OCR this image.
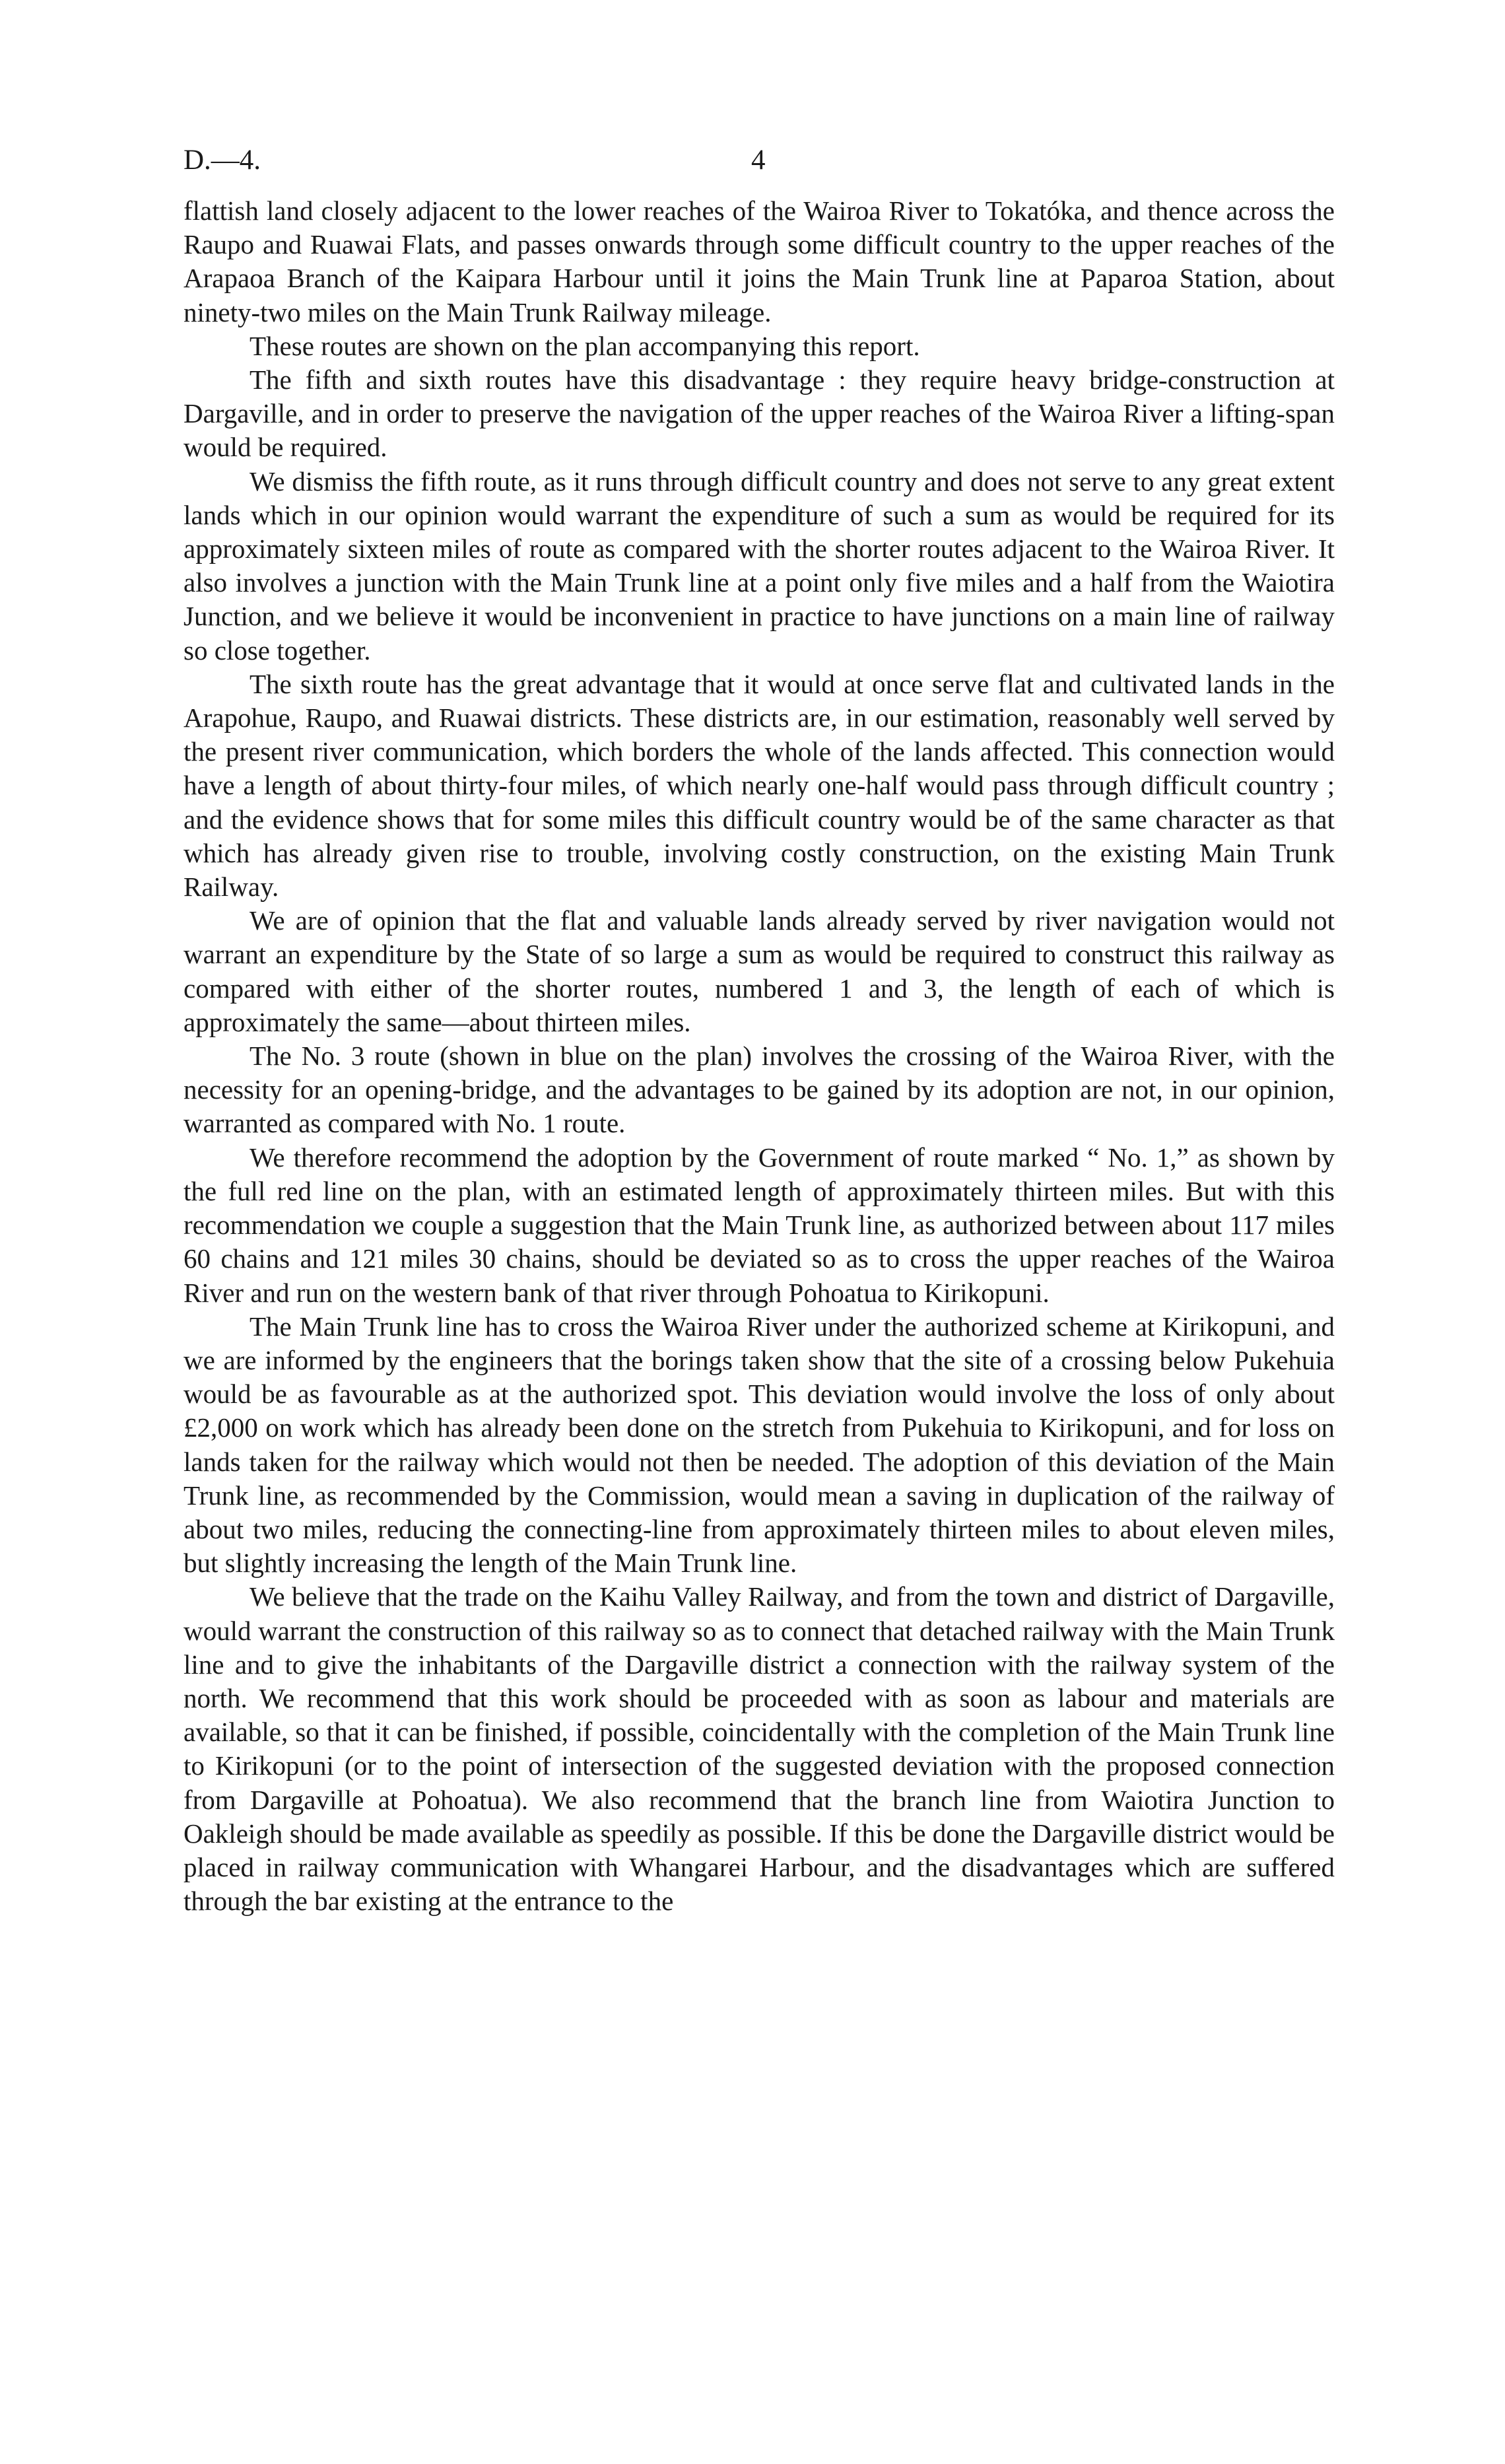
D.—4.	4

flattish land closely adjacent to the lower reaches of the Wairoa River to Tokatóka, and thence across the Raupo and Ruawai Flats, and passes onwards through some difficult country to the upper reaches of the Arapaoa Branch of the Kaipara Harbour until it joins the Main Trunk line at Paparoa Station, about ninety-two miles on the Main Trunk Railway mileage.

These routes are shown on the plan accompanying this report.

The fifth and sixth routes have this disadvantage : they require heavy bridge-construction at Dargaville, and in order to preserve the navigation of the upper reaches of the Wairoa River a lifting-span would be required.

We dismiss the fifth route, as it runs through difficult country and does not serve to any great extent lands which in our opinion would warrant the expenditure of such a sum as would be required for its approximately sixteen miles of route as compared with the shorter routes adjacent to the Wairoa River. It also involves a junction with the Main Trunk line at a point only five miles and a half from the Waiotira Junction, and we believe it would be inconvenient in practice to have junctions on a main line of railway so close together.

The sixth route has the great advantage that it would at once serve flat and cultivated lands in the Arapohue, Raupo, and Ruawai districts. These districts are, in our estimation, reasonably well served by the present river communication, which borders the whole of the lands affected. This connection would have a length of about thirty-four miles, of which nearly one-half would pass through difficult country ; and the evidence shows that for some miles this difficult country would be of the same character as that which has already given rise to trouble, involving costly construction, on the existing Main Trunk Railway.

We are of opinion that the flat and valuable lands already served by river navigation would not warrant an expenditure by the State of so large a sum as would be required to construct this railway as compared with either of the shorter routes, numbered 1 and 3, the length of each of which is approximately the same—about thirteen miles.

The No. 3 route (shown in blue on the plan) involves the crossing of the Wairoa River, with the necessity for an opening-bridge, and the advantages to be gained by its adoption are not, in our opinion, warranted as compared with No. 1 route.

We therefore recommend the adoption by the Government of route marked “ No. 1,” as shown by the full red line on the plan, with an estimated length of approximately thirteen miles. But with this recommendation we couple a suggestion that the Main Trunk line, as authorized between about 117 miles 60 chains and 121 miles 30 chains, should be deviated so as to cross the upper reaches of the Wairoa River and run on the western bank of that river through Pohoatua to Kirikopuni.

The Main Trunk line has to cross the Wairoa River under the authorized scheme at Kirikopuni, and we are informed by the engineers that the borings taken show that the site of a crossing below Pukehuia would be as favourable as at the authorized spot. This deviation would involve the loss of only about £2,000 on work which has already been done on the stretch from Pukehuia to Kirikopuni, and for loss on lands taken for the railway which would not then be needed. The adoption of this deviation of the Main Trunk line, as recommended by the Commission, would mean a saving in duplication of the railway of about two miles, reducing the connecting-line from approximately thirteen miles to about eleven miles, but slightly increasing the length of the Main Trunk line.

We believe that the trade on the Kaihu Valley Railway, and from the town and district of Dargaville, would warrant the construction of this railway so as to connect that detached railway with the Main Trunk line and to give the inhabitants of the Dargaville district a connection with the railway system of the north. We recommend that this work should be proceeded with as soon as labour and materials are available, so that it can be finished, if possible, coincidentally with the completion of the Main Trunk line to Kirikopuni (or to the point of intersection of the suggested deviation with the proposed connection from Dargaville at Pohoatua). We also recommend that the branch line from Waiotira Junction to Oakleigh should be made available as speedily as possible. If this be done the Dargaville district would be placed in railway communication with Whangarei Harbour, and the disadvantages which are suffered through the bar existing at the entrance to the
